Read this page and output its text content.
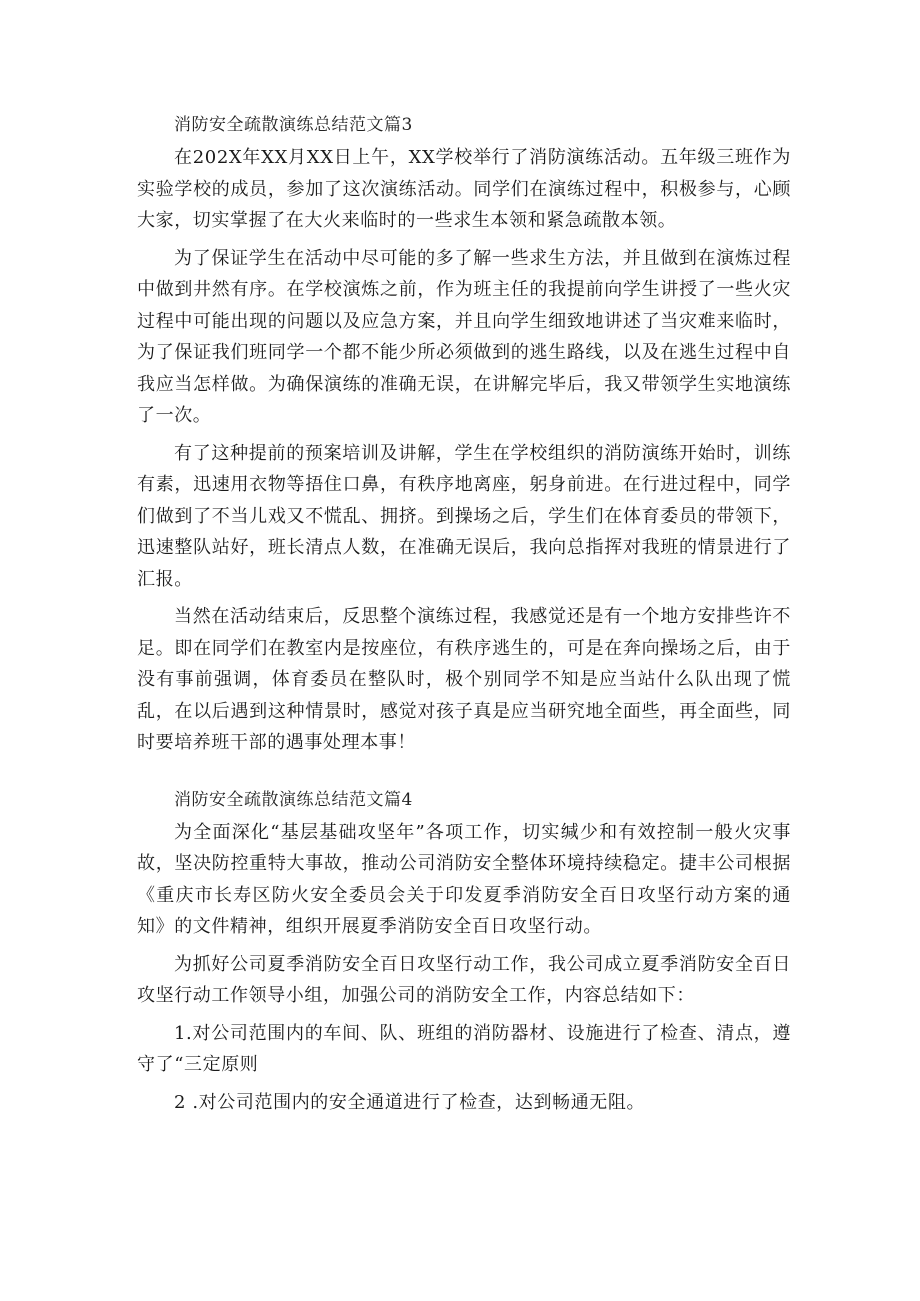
消防安全疏散演练总结范文篇3

在202X年XX月XX日上午，XX学校举行了消防演练活动。五年级三班作为实验学校的成员，参加了这次演练活动。同学们在演练过程中，积极参与，心顾大家，切实掌握了在大火来临时的一些求生本领和紧急疏散本领。

为了保证学生在活动中尽可能的多了解一些求生方法，并且做到在演炼过程中做到井然有序。在学校演炼之前，作为班主任的我提前向学生讲授了一些火灾过程中可能出现的问题以及应急方案，并且向学生细致地讲述了当灾难来临时，为了保证我们班同学一个都不能少所必须做到的逃生路线，以及在逃生过程中自我应当怎样做。为确保演练的准确无误，在讲解完毕后，我又带领学生实地演练了一次。

有了这种提前的预案培训及讲解，学生在学校组织的消防演练开始时，训练有素，迅速用衣物等捂住口鼻，有秩序地离座，躬身前进。在行进过程中，同学们做到了不当儿戏又不慌乱、拥挤。到操场之后，学生们在体育委员的带领下，迅速整队站好，班长清点人数，在准确无误后，我向总指挥对我班的情景进行了汇报。

当然在活动结束后，反思整个演练过程，我感觉还是有一个地方安排些许不足。即在同学们在教室内是按座位，有秩序逃生的，可是在奔向操场之后，由于没有事前强调，体育委员在整队时，极个别同学不知是应当站什么队出现了慌乱，在以后遇到这种情景时，感觉对孩子真是应当研究地全面些，再全面些，同时要培养班干部的遇事处理本事！

消防安全疏散演练总结范文篇4

为全面深化“基层基础攻坚年”各项工作，切实缄少和有效控制一般火灾事故，坚决防控重特大事故，推动公司消防安全整体环境持续稳定。捷丰公司根据《重庆市长寿区防火安全委员会关于印发夏季消防安全百日攻坚行动方案的通知》的文件精神，组织开展夏季消防安全百日攻坚行动。

为抓好公司夏季消防安全百日攻坚行动工作，我公司成立夏季消防安全百日攻坚行动工作领导小组，加强公司的消防安全工作，内容总结如下：

1.对公司范围内的车间、队、班组的消防器材、设施进行了检查、清点，遵守了“三定原则

2 .对公司范围内的安全通道进行了检查，达到畅通无阻。
